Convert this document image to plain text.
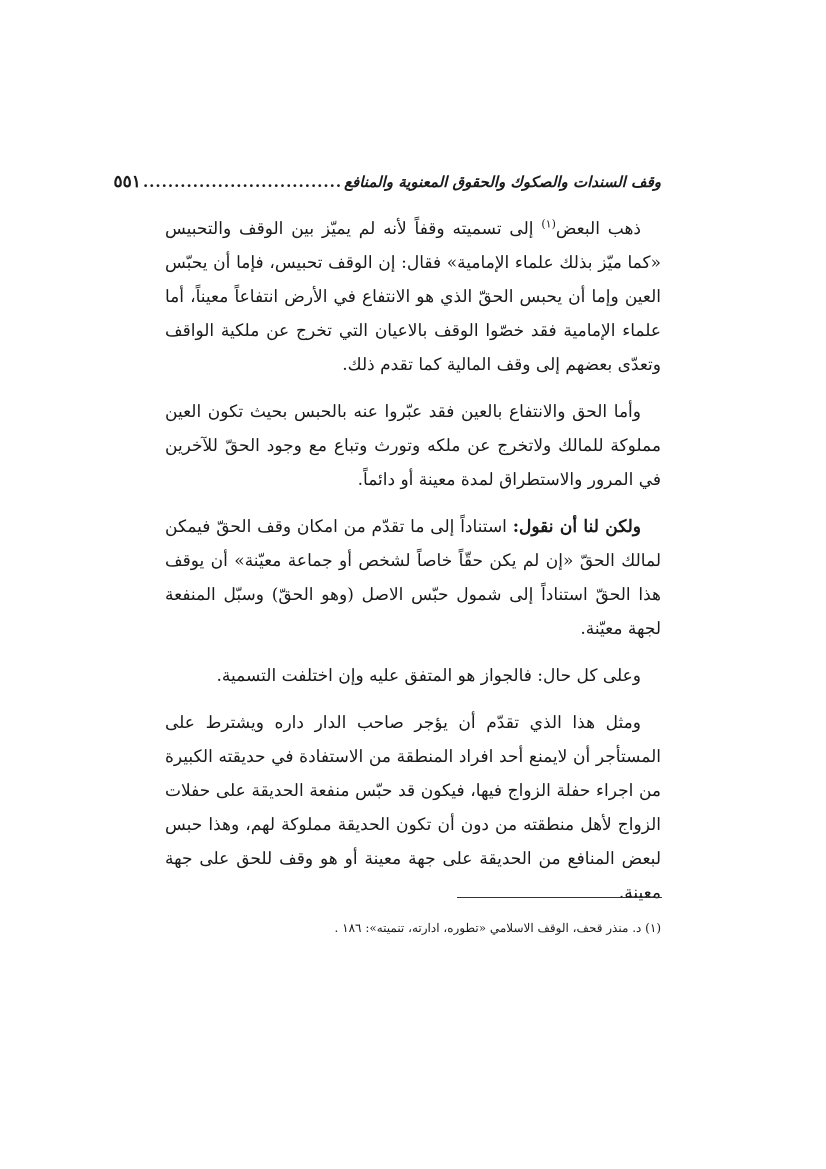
وقف السندات والصكوك والحقوق المعنوية والمنافع
................................
٥٥١

ذهب البعض$^{(١)}$ إلى تسميته وقفاً لأنه لم يميّز بين الوقف والتحبيس «كما ميّز بذلك علماء الإمامية» فقال: إن الوقف تحبيس، فإما أن يحبّس العين وإما أن يحبس الحقّ الذي هو الانتفاع في الأرض انتفاعاً معيناً، أما علماء الإمامية فقد خصّوا الوقف بالاعيان التي تخرج عن ملكية الواقف وتعدّى بعضهم إلى وقف المالية كما تقدم ذلك.

وأما الحق والانتفاع بالعين فقد عبّروا عنه بالحبس بحيث تكون العين مملوكة للمالك ولاتخرج عن ملكه وتورث وتباع مع وجود الحقّ للآخرين في المرور والاستطراق لمدة معينة أو دائماً.

ولكن لنا أن نقول: استناداً إلى ما تقدّم من امكان وقف الحقّ فيمكن لمالك الحقّ «إن لم يكن حقّاً خاصاً لشخص أو جماعة معيّنة» أن يوقف هذا الحقّ استناداً إلى شمول حبّس الاصل (وهو الحقّ) وسبّل المنفعة لجهة معيّنة.

وعلى كل حال: فالجواز هو المتفق عليه وإن اختلفت التسمية.

ومثل هذا الذي تقدّم أن يؤجر صاحب الدار داره ويشترط على المستأجر أن لايمنع أحد افراد المنطقة من الاستفادة في حديقته الكبيرة من اجراء حفلة الزواج فيها، فيكون قد حبّس منفعة الحديقة على حفلات الزواج لأهل منطقته من دون أن تكون الحديقة مملوكة لهم، وهذا حبس لبعض المنافع من الحديقة على جهة معينة أو هو وقف للحق على جهة معينة.

(١) د. منذر قحف، الوقف الاسلامي «تطوره، ادارته، تنميته»: ١٨٦ .
